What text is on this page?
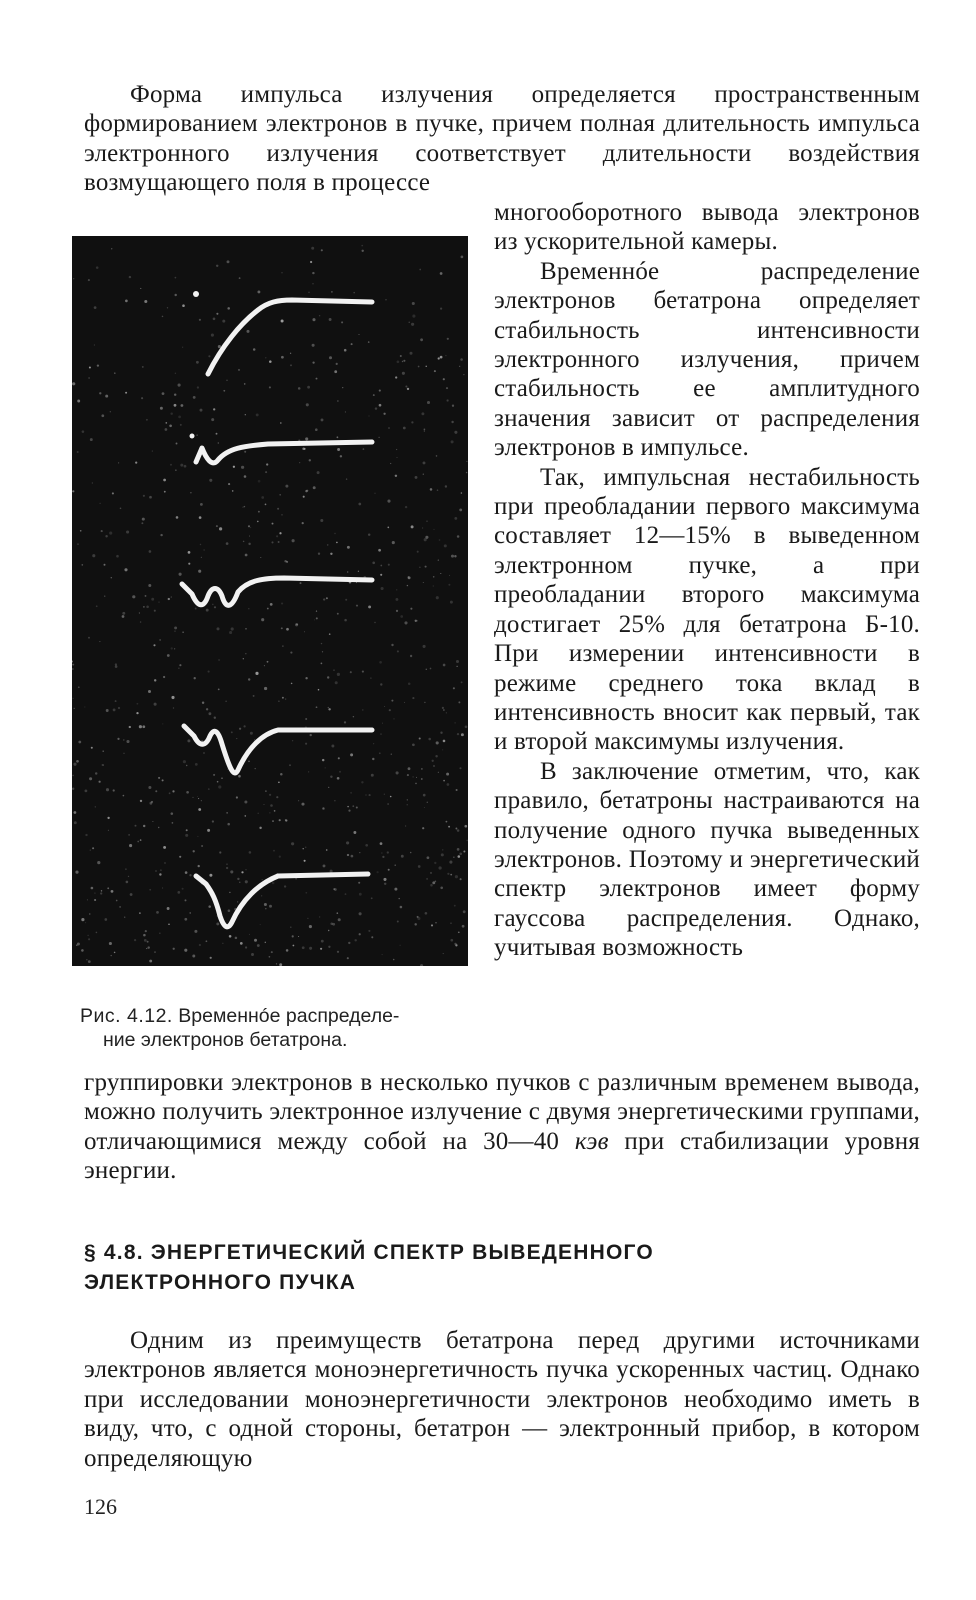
Форма импульса излучения определяется пространственным формированием электронов в пучке, причем полная длительность импульса электронного излучения соответствует длительности воздействия возмущающего поля в процессе

Рис. 4.12. Временнóе распределе-
ние электронов бетатрона.

многооборотного вывода электронов из ускорительной камеры.

Временнóе распределение электронов бетатрона определяет стабильность интенсивности электронного излучения, причем стабильность ее амплитудного значения зависит от распределения электронов в импульсе.

Так, импульсная нестабильность при преобладании первого максимума составляет 12—15% в выведенном электронном пучке, а при преобладании второго максимума достигает 25% для бетатрона Б-10. При измерении интенсивности в режиме среднего тока вклад в интенсивность вносит как первый, так и второй максимумы излучения.

В заключение отметим, что, как правило, бетатроны настраиваются на получение одного пучка выведенных электронов. Поэтому и энергетический спектр электронов имеет форму гауссова распределения. Однако, учитывая возможность

группировки электронов в несколько пучков с различным временем вывода, можно получить электронное излучение с двумя энергетическими группами, отличающимися между собой на 30—40 кэв при стабилизации уровня энергии.

§ 4.8. ЭНЕРГЕТИЧЕСКИЙ СПЕКТР ВЫВЕДЕННОГО
ЭЛЕКТРОННОГО ПУЧКА

Одним из преимуществ бетатрона перед другими источниками электронов является моноэнергетичность пучка ускоренных частиц. Однако при исследовании моноэнергетичности электронов необходимо иметь в виду, что, с одной стороны, бетатрон — электронный прибор, в котором определяющую

126
